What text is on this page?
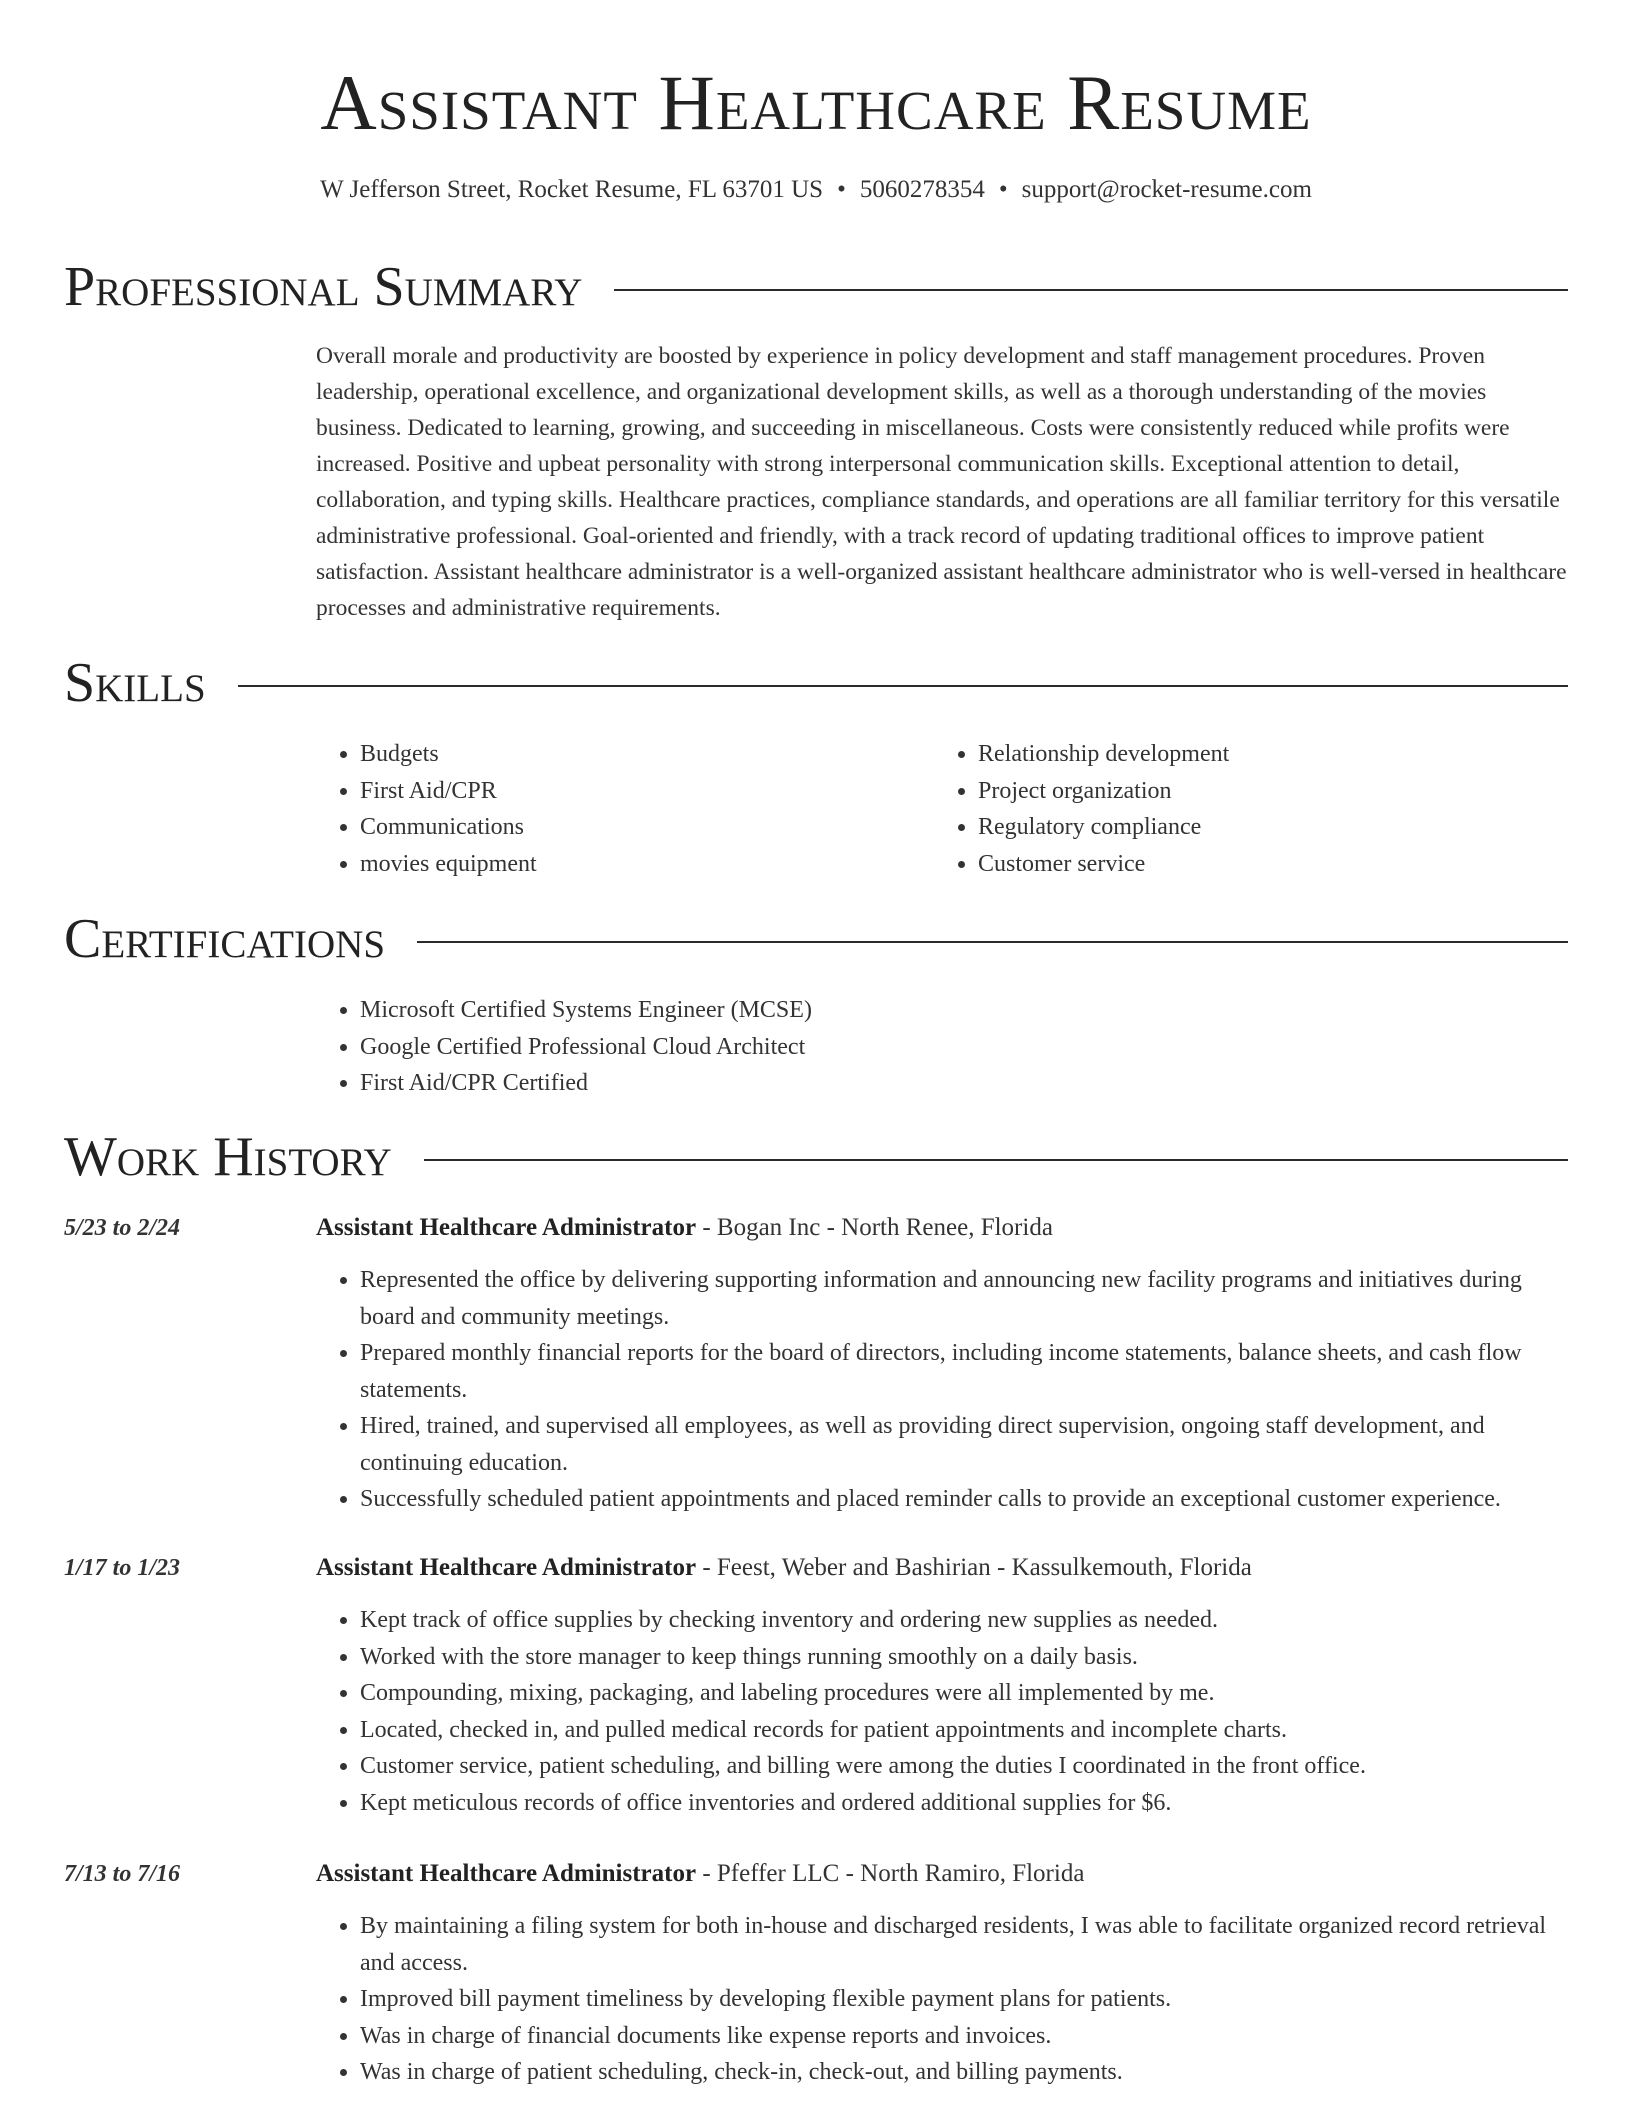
Assistant Healthcare Resume
W Jefferson Street, Rocket Resume, FL 63701 US • 5060278354 • support@rocket-resume.com
Professional Summary

Overall morale and productivity are boosted by experience in policy development and staff management procedures. Proven leadership, operational excellence, and organizational development skills, as well as a thorough understanding of the movies business. Dedicated to learning, growing, and succeeding in miscellaneous. Costs were consistently reduced while profits were increased. Positive and upbeat personality with strong interpersonal communication skills. Exceptional attention to detail, collaboration, and typing skills. Healthcare practices, compliance standards, and operations are all familiar territory for this versatile administrative professional. Goal-oriented and friendly, with a track record of updating traditional offices to improve patient satisfaction. Assistant healthcare administrator is a well-organized assistant healthcare administrator who is well-versed in healthcare processes and administrative requirements.

Skills
• Budgets
• First Aid/CPR
• Communications
• movies equipment
• Relationship development
• Project organization
• Regulatory compliance
• Customer service
Certifications
• Microsoft Certified Systems Engineer (MCSE)
• Google Certified Professional Cloud Architect
• First Aid/CPR Certified
Work History
5/23 to 2/24	Assistant Healthcare Administrator - Bogan Inc - North Renee, Florida
• Represented the office by delivering supporting information and announcing new facility programs and initiatives during board and community meetings.
• Prepared monthly financial reports for the board of directors, including income statements, balance sheets, and cash flow statements.
• Hired, trained, and supervised all employees, as well as providing direct supervision, ongoing staff development, and continuing education.
• Successfully scheduled patient appointments and placed reminder calls to provide an exceptional customer experience.
1/17 to 1/23	Assistant Healthcare Administrator - Feest, Weber and Bashirian - Kassulkemouth, Florida
• Kept track of office supplies by checking inventory and ordering new supplies as needed.
• Worked with the store manager to keep things running smoothly on a daily basis.
• Compounding, mixing, packaging, and labeling procedures were all implemented by me.
• Located, checked in, and pulled medical records for patient appointments and incomplete charts.
• Customer service, patient scheduling, and billing were among the duties I coordinated in the front office.
• Kept meticulous records of office inventories and ordered additional supplies for $6.
7/13 to 7/16	Assistant Healthcare Administrator - Pfeffer LLC - North Ramiro, Florida
• By maintaining a filing system for both in-house and discharged residents, I was able to facilitate organized record retrieval and access.
• Improved bill payment timeliness by developing flexible payment plans for patients.
• Was in charge of financial documents like expense reports and invoices.
• Was in charge of patient scheduling, check-in, check-out, and billing payments.
